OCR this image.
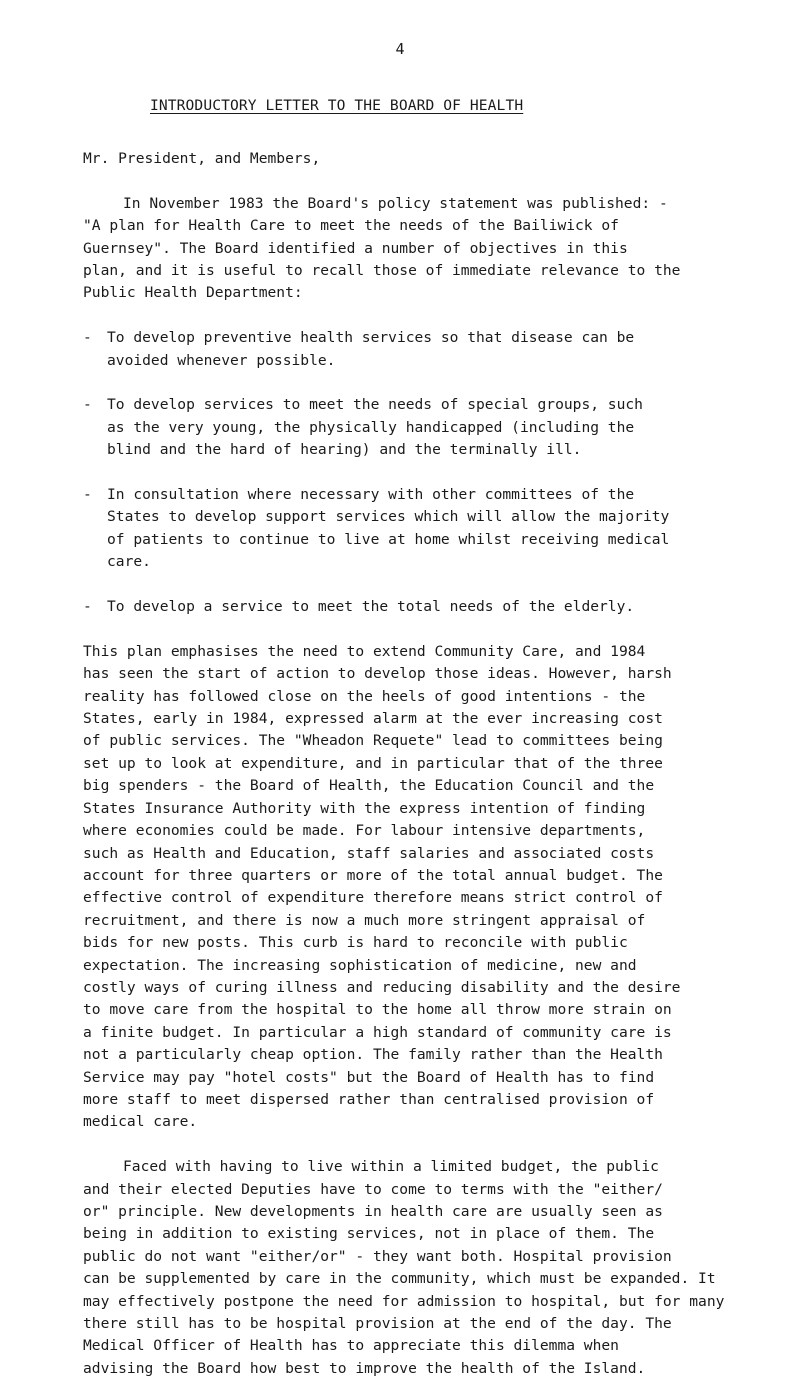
4
INTRODUCTORY LETTER TO THE BOARD OF HEALTH

Mr. President, and Members,

In November 1983 the Board's policy statement was published: -
"A plan for Health Care to meet the needs of the Bailiwick of
Guernsey". The Board identified a number of objectives in this
plan, and it is useful to recall those of immediate relevance to the
Public Health Department:

- To develop preventive health services so that disease can be
avoided whenever possible.
- To develop services to meet the needs of special groups, such
as the very young, the physically handicapped (including the
blind and the hard of hearing) and the terminally ill.
- In consultation where necessary with other committees of the
States to develop support services which will allow the majority
of patients to continue to live at home whilst receiving medical
care.
- To develop a service to meet the total needs of the elderly.

This plan emphasises the need to extend Community Care, and 1984
has seen the start of action to develop those ideas. However, harsh
reality has followed close on the heels of good intentions - the
States, early in 1984, expressed alarm at the ever increasing cost
of public services. The "Wheadon Requete" lead to committees being
set up to look at expenditure, and in particular that of the three
big spenders - the Board of Health, the Education Council and the
States Insurance Authority with the express intention of finding
where economies could be made. For labour intensive departments,
such as Health and Education, staff salaries and associated costs
account for three quarters or more of the total annual budget. The
effective control of expenditure therefore means strict control of
recruitment, and there is now a much more stringent appraisal of
bids for new posts. This curb is hard to reconcile with public
expectation. The increasing sophistication of medicine, new and
costly ways of curing illness and reducing disability and the desire
to move care from the hospital to the home all throw more strain on
a finite budget. In particular a high standard of community care is
not a particularly cheap option. The family rather than the Health
Service may pay "hotel costs" but the Board of Health has to find
more staff to meet dispersed rather than centralised provision of
medical care.

Faced with having to live within a limited budget, the public
and their elected Deputies have to come to terms with the "either/
or" principle. New developments in health care are usually seen as
being in addition to existing services, not in place of them. The
public do not want "either/or" - they want both. Hospital provision
can be supplemented by care in the community, which must be expanded. It
may effectively postpone the need for admission to hospital, but for many
there still has to be hospital provision at the end of the day. The
Medical Officer of Health has to appreciate this dilemma when
advising the Board how best to improve the health of the Island.
